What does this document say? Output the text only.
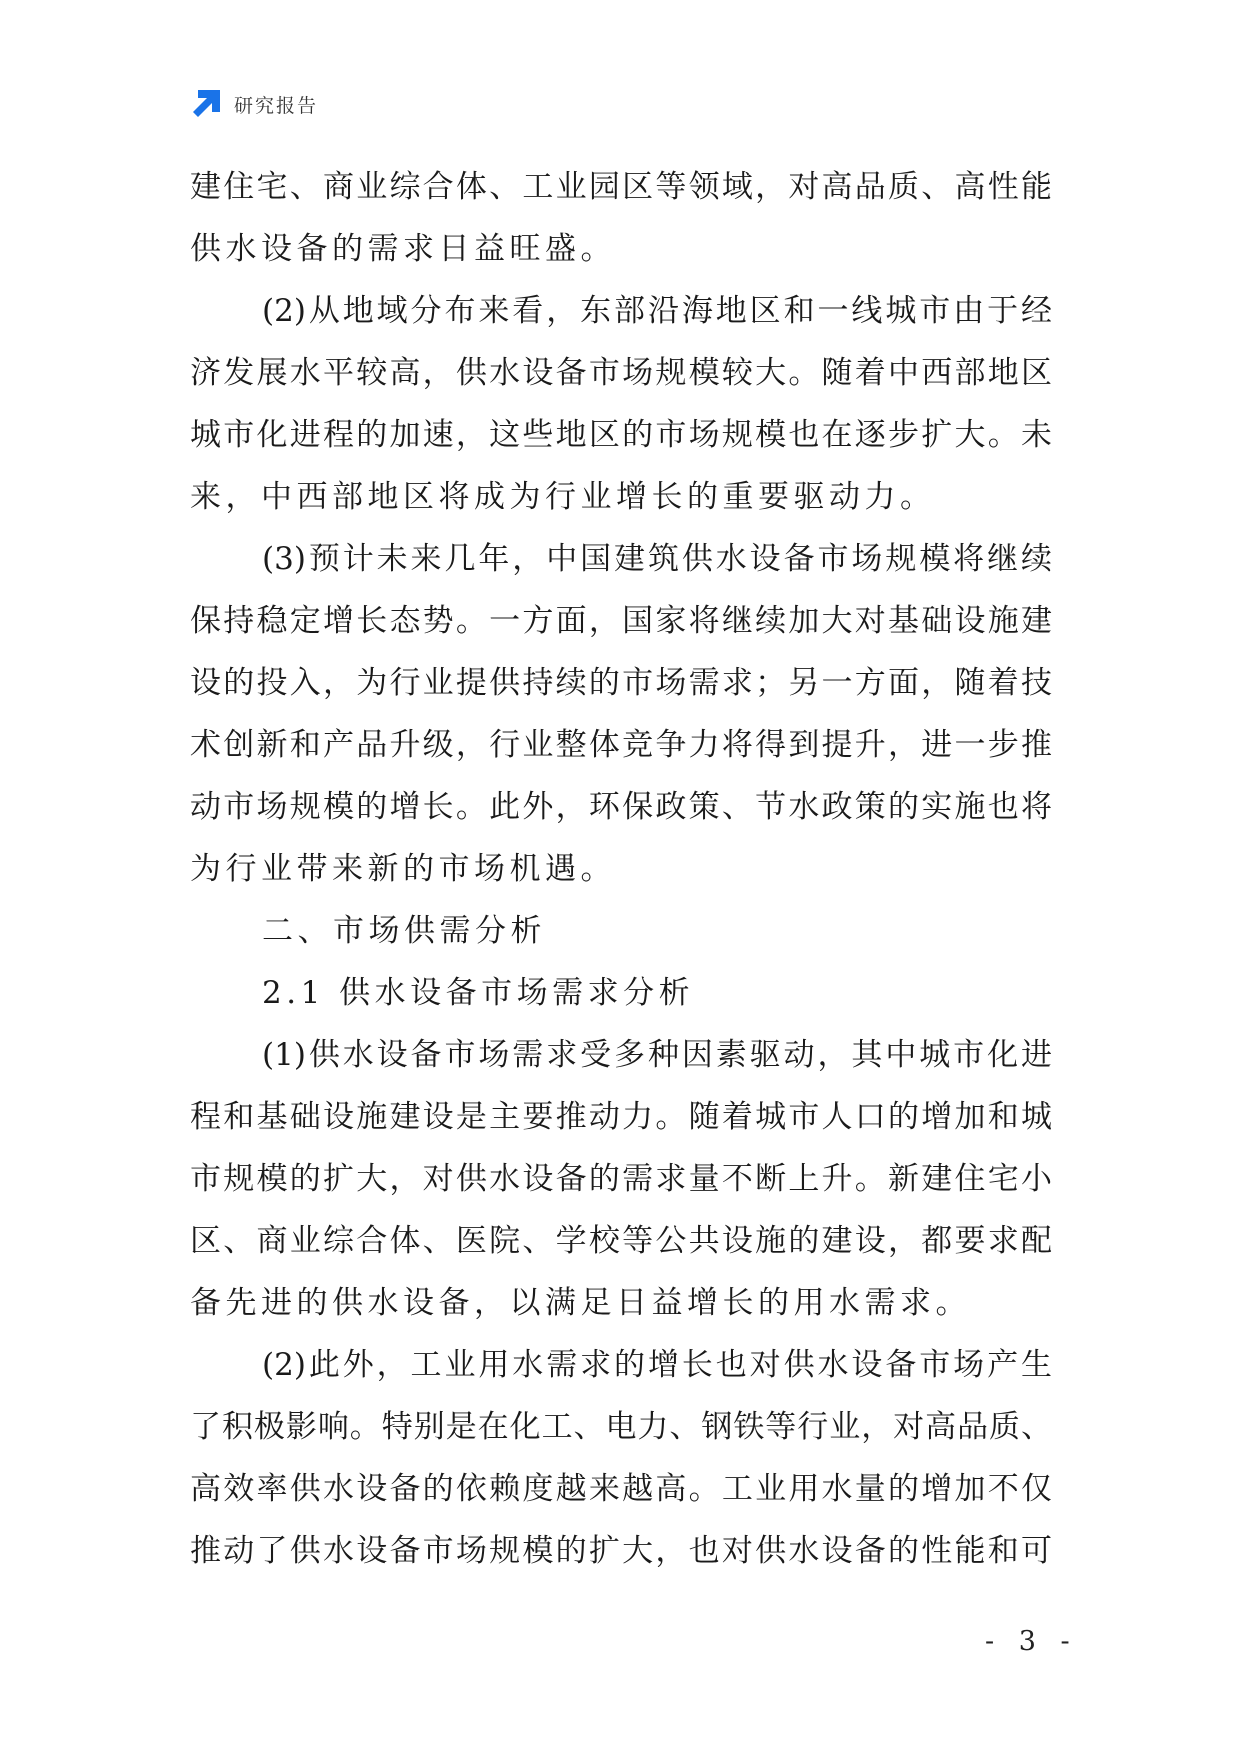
研究报告
建住宅、商业综合体、工业园区等领域，对高品质、高性能
供水设备的需求日益旺盛。
(2)从地域分布来看，东部沿海地区和一线城市由于经
济发展水平较高，供水设备市场规模较大。随着中西部地区
城市化进程的加速，这些地区的市场规模也在逐步扩大。未
来，中西部地区将成为行业增长的重要驱动力。
(3)预计未来几年，中国建筑供水设备市场规模将继续
保持稳定增长态势。一方面，国家将继续加大对基础设施建
设的投入，为行业提供持续的市场需求；另一方面，随着技
术创新和产品升级，行业整体竞争力将得到提升，进一步推
动市场规模的增长。此外，环保政策、节水政策的实施也将
为行业带来新的市场机遇。
二、市场供需分析
2.1 供水设备市场需求分析
(1)供水设备市场需求受多种因素驱动，其中城市化进
程和基础设施建设是主要推动力。随着城市人口的增加和城
市规模的扩大，对供水设备的需求量不断上升。新建住宅小
区、商业综合体、医院、学校等公共设施的建设，都要求配
备先进的供水设备，以满足日益增长的用水需求。
(2)此外，工业用水需求的增长也对供水设备市场产生
了积极影响。特别是在化工、电力、钢铁等行业，对高品质、
高效率供水设备的依赖度越来越高。工业用水量的增加不仅
推动了供水设备市场规模的扩大，也对供水设备的性能和可
- 3 -
